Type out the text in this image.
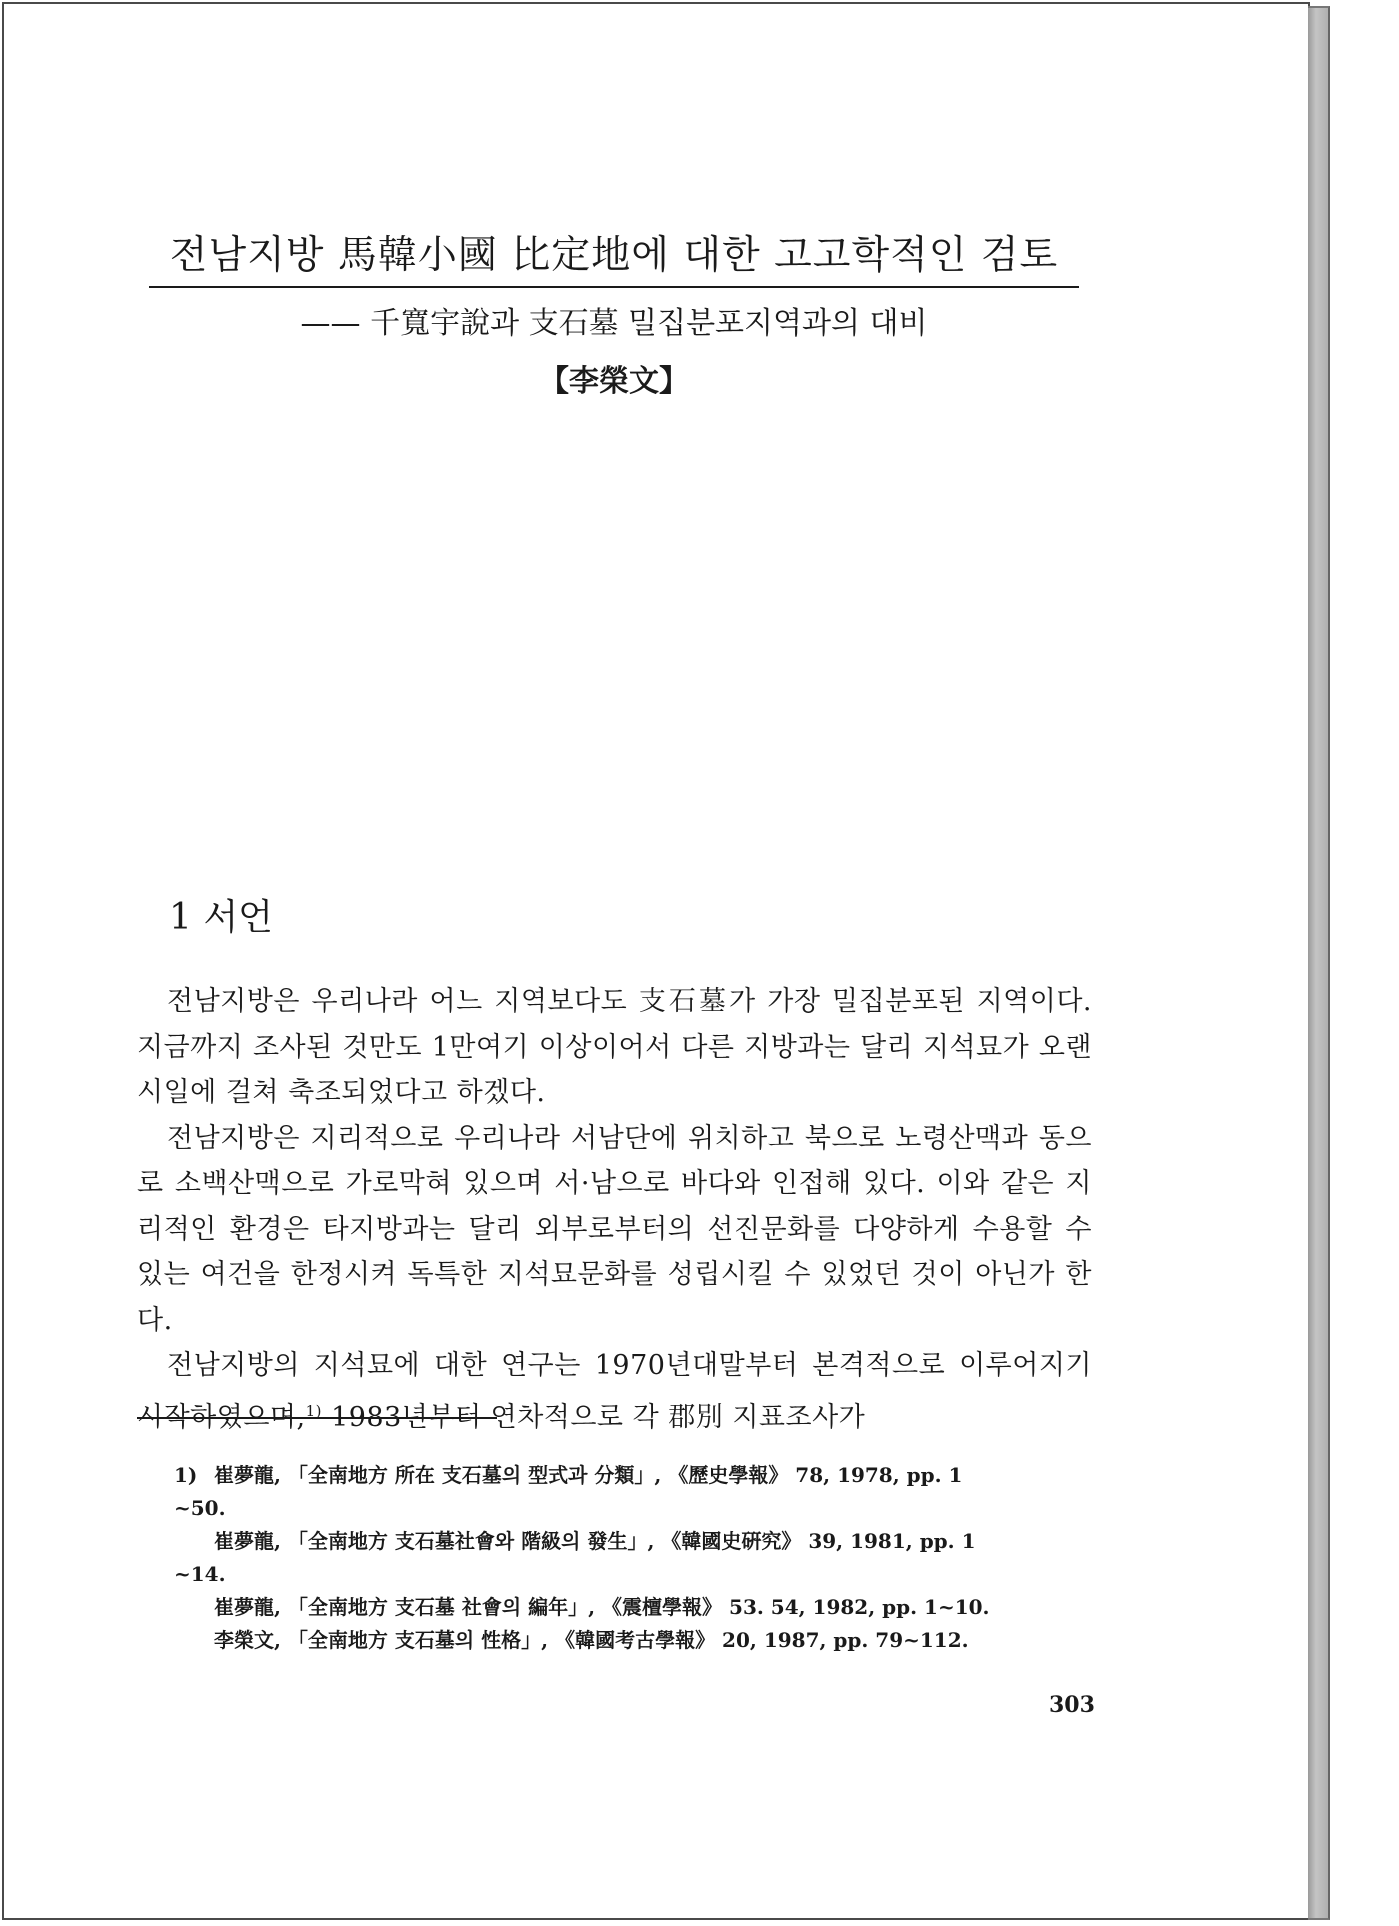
전남지방 馬韓小國 比定地에 대한 고고학적인 검토
—— 千寬宇說과 支石墓 밀집분포지역과의 대비
【李榮文】
1 서언

전남지방은 우리나라 어느 지역보다도 支石墓가 가장 밀집분포된 지역이다. 지금까지 조사된 것만도 1만여기 이상이어서 다른 지방과는 달리 지석묘가 오랜 시일에 걸쳐 축조되었다고 하겠다.

전남지방은 지리적으로 우리나라 서남단에 위치하고 북으로 노령산맥과 동으로 소백산맥으로 가로막혀 있으며 서·남으로 바다와 인접해 있다. 이와 같은 지리적인 환경은 타지방과는 달리 외부로부터의 선진문화를 다양하게 수용할 수 있는 여건을 한정시켜 독특한 지석묘문화를 성립시킬 수 있었던 것이 아닌가 한다.

전남지방의 지석묘에 대한 연구는 1970년대말부터 본격적으로 이루어지기 시작하였으며,$^{1)}$ 1983년부터 연차적으로 각 郡別 지표조사가

1) 崔夢龍, 「全南地方 所在 支石墓의 型式과 分類」, 《歷史學報》 78, 1978, pp. 1
~50.
崔夢龍, 「全南地方 支石墓社會와 階級의 發生」, 《韓國史硏究》 39, 1981, pp. 1
~14.
崔夢龍, 「全南地方 支石墓 社會의 編年」, 《震檀學報》 53. 54, 1982, pp. 1~10.
李榮文, 「全南地方 支石墓의 性格」, 《韓國考古學報》 20, 1987, pp. 79~112.
303
